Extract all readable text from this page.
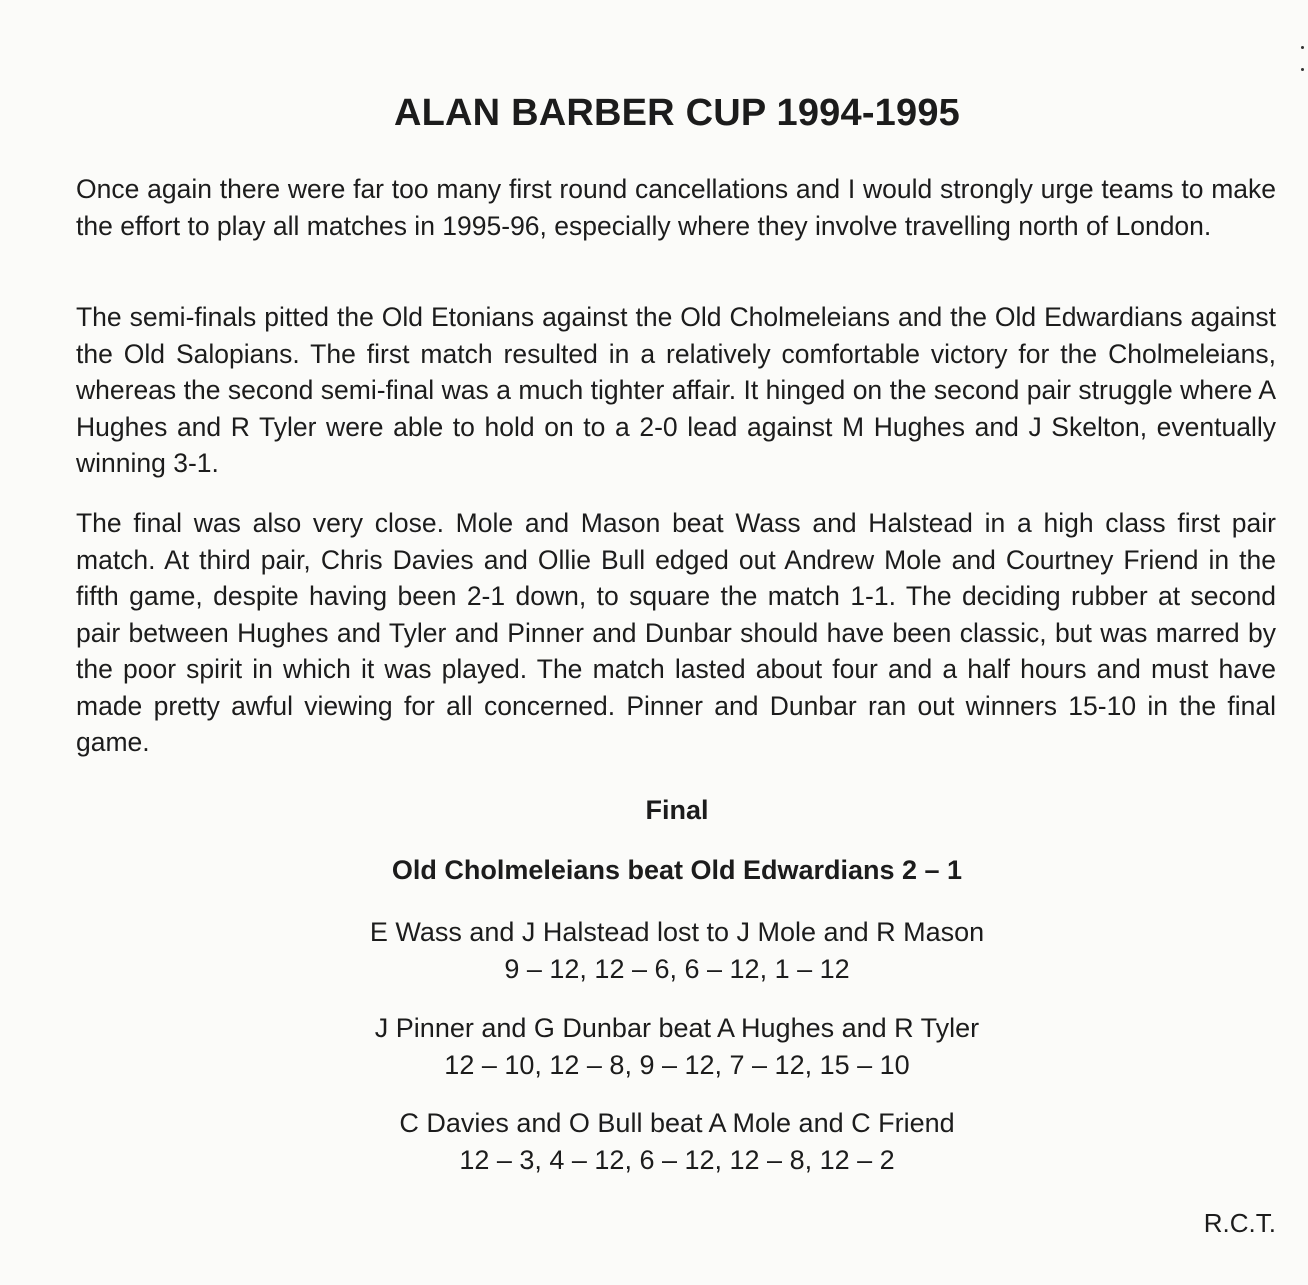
ALAN BARBER CUP 1994-1995

Once again there were far too many first round cancellations and I would strongly urge teams to make the effort to play all matches in 1995-96, especially where they involve travelling north of London.

The semi-finals pitted the Old Etonians against the Old Cholmeleians and the Old Edwardians against the Old Salopians. The first match resulted in a relatively comfortable victory for the Cholmeleians, whereas the second semi-final was a much tighter affair. It hinged on the second pair struggle where A Hughes and R Tyler were able to hold on to a 2-0 lead against M Hughes and J Skelton, eventually winning 3-1.

The final was also very close. Mole and Mason beat Wass and Halstead in a high class first pair match. At third pair, Chris Davies and Ollie Bull edged out Andrew Mole and Courtney Friend in the fifth game, despite having been 2-1 down, to square the match 1-1. The deciding rubber at second pair between Hughes and Tyler and Pinner and Dunbar should have been classic, but was marred by the poor spirit in which it was played. The match lasted about four and a half hours and must have made pretty awful viewing for all concerned. Pinner and Dunbar ran out winners 15-10 in the final game.

Final

Old Cholmeleians beat Old Edwardians 2 – 1

E Wass and J Halstead lost to J Mole and R Mason
9 – 12, 12 – 6, 6 – 12, 1 – 12
J Pinner and G Dunbar beat A Hughes and R Tyler
12 – 10, 12 – 8, 9 – 12, 7 – 12, 15 – 10
C Davies and O Bull beat A Mole and C Friend
12 – 3, 4 – 12, 6 – 12, 12 – 8, 12 – 2

R.C.T.
